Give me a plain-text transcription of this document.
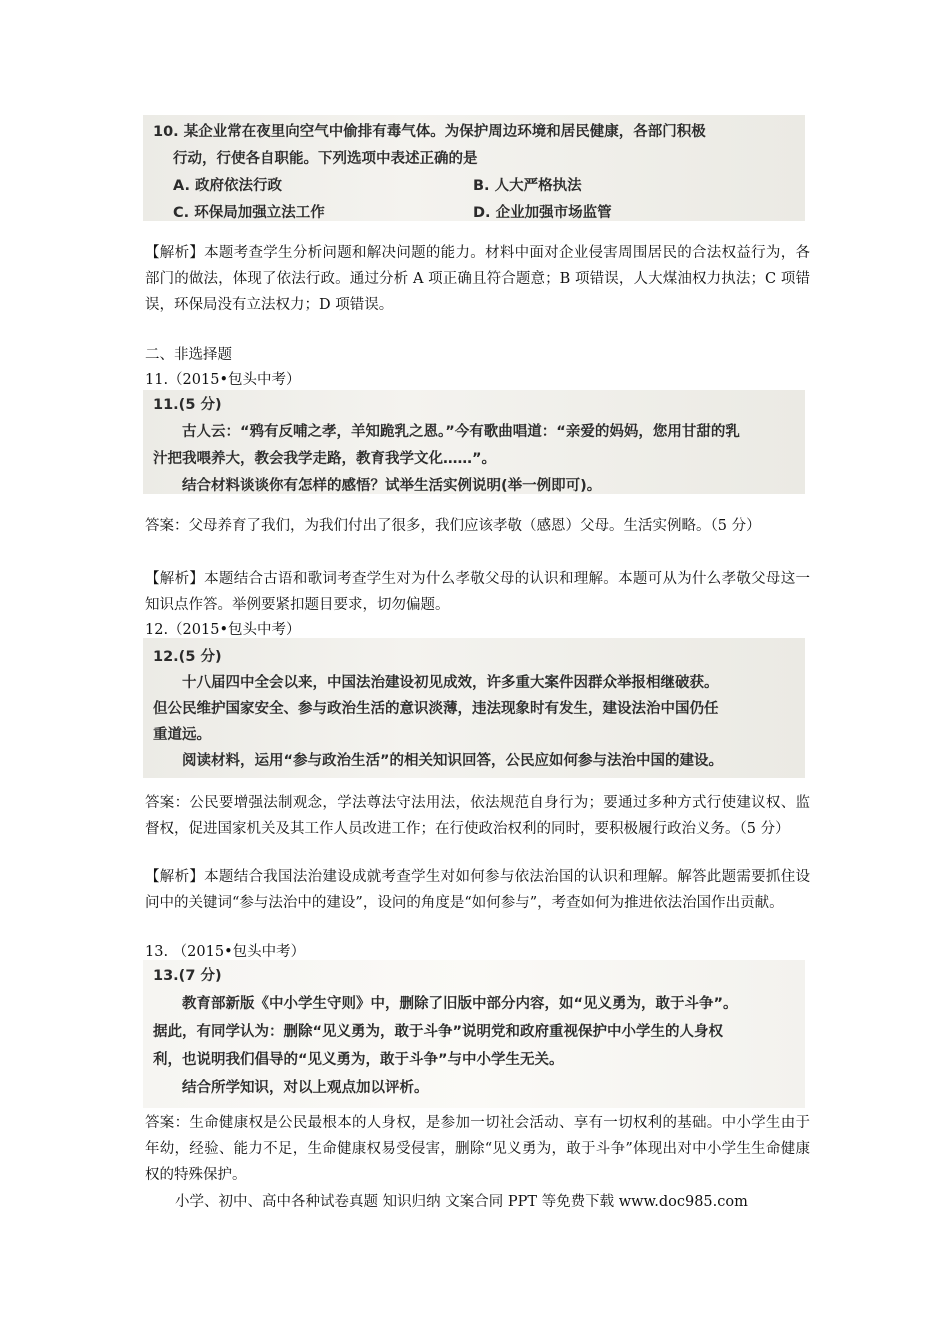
10. 某企业常在夜里向空气中偷排有毒气体。为保护周边环境和居民健康，各部门积极
行动，行使各自职能。下列选项中表述正确的是
A. 政府依法行政	B. 人大严格执法
C. 环保局加强立法工作	D. 企业加强市场监管
【解析】本题考查学生分析问题和解决问题的能力。材料中面对企业侵害周围居民的合法权益行为，各部门的做法，体现了依法行政。通过分析 A 项正确且符合题意；B 项错误，人大煤油权力执法；C 项错误，环保局没有立法权力；D 项错误。
二、非选择题
11.（2015•包头中考）
11.(5 分)
古人云：“鸦有反哺之孝，羊知跪乳之恩。”今有歌曲唱道：“亲爱的妈妈，您用甘甜的乳
汁把我喂养大，教会我学走路，教育我学文化……”。
结合材料谈谈你有怎样的感悟？试举生活实例说明(举一例即可)。
答案：父母养育了我们，为我们付出了很多，我们应该孝敬（感恩）父母。生活实例略。（5 分）
【解析】本题结合古语和歌词考查学生对为什么孝敬父母的认识和理解。本题可从为什么孝敬父母这一知识点作答。举例要紧扣题目要求，切勿偏题。
12.（2015•包头中考）
12.(5 分)
十八届四中全会以来，中国法治建设初见成效，许多重大案件因群众举报相继破获。
但公民维护国家安全、参与政治生活的意识淡薄，违法现象时有发生，建设法治中国仍任
重道远。
阅读材料，运用“参与政治生活”的相关知识回答，公民应如何参与法治中国的建设。
答案：公民要增强法制观念，学法尊法守法用法，依法规范自身行为；要通过多种方式行使建议权、监督权，促进国家机关及其工作人员改进工作；在行使政治权利的同时，要积极履行政治义务。（5 分）
【解析】本题结合我国法治建设成就考查学生对如何参与依法治国的认识和理解。解答此题需要抓住设问中的关键词“参与法治中的建设”，设问的角度是“如何参与”，考查如何为推进依法治国作出贡献。
13. （2015•包头中考）
13.(7 分)
教育部新版《中小学生守则》中，删除了旧版中部分内容，如“见义勇为，敢于斗争”。
据此，有同学认为：删除“见义勇为，敢于斗争”说明党和政府重视保护中小学生的人身权
利，也说明我们倡导的“见义勇为，敢于斗争”与中小学生无关。
结合所学知识，对以上观点加以评析。
答案：生命健康权是公民最根本的人身权，是参加一切社会活动、享有一切权利的基础。中小学生由于年幼，经验、能力不足，生命健康权易受侵害，删除“见义勇为，敢于斗争”体现出对中小学生生命健康权的特殊保护。
小学、初中、高中各种试卷真题 知识归纳 文案合同 PPT 等免费下载 www.doc985.com
